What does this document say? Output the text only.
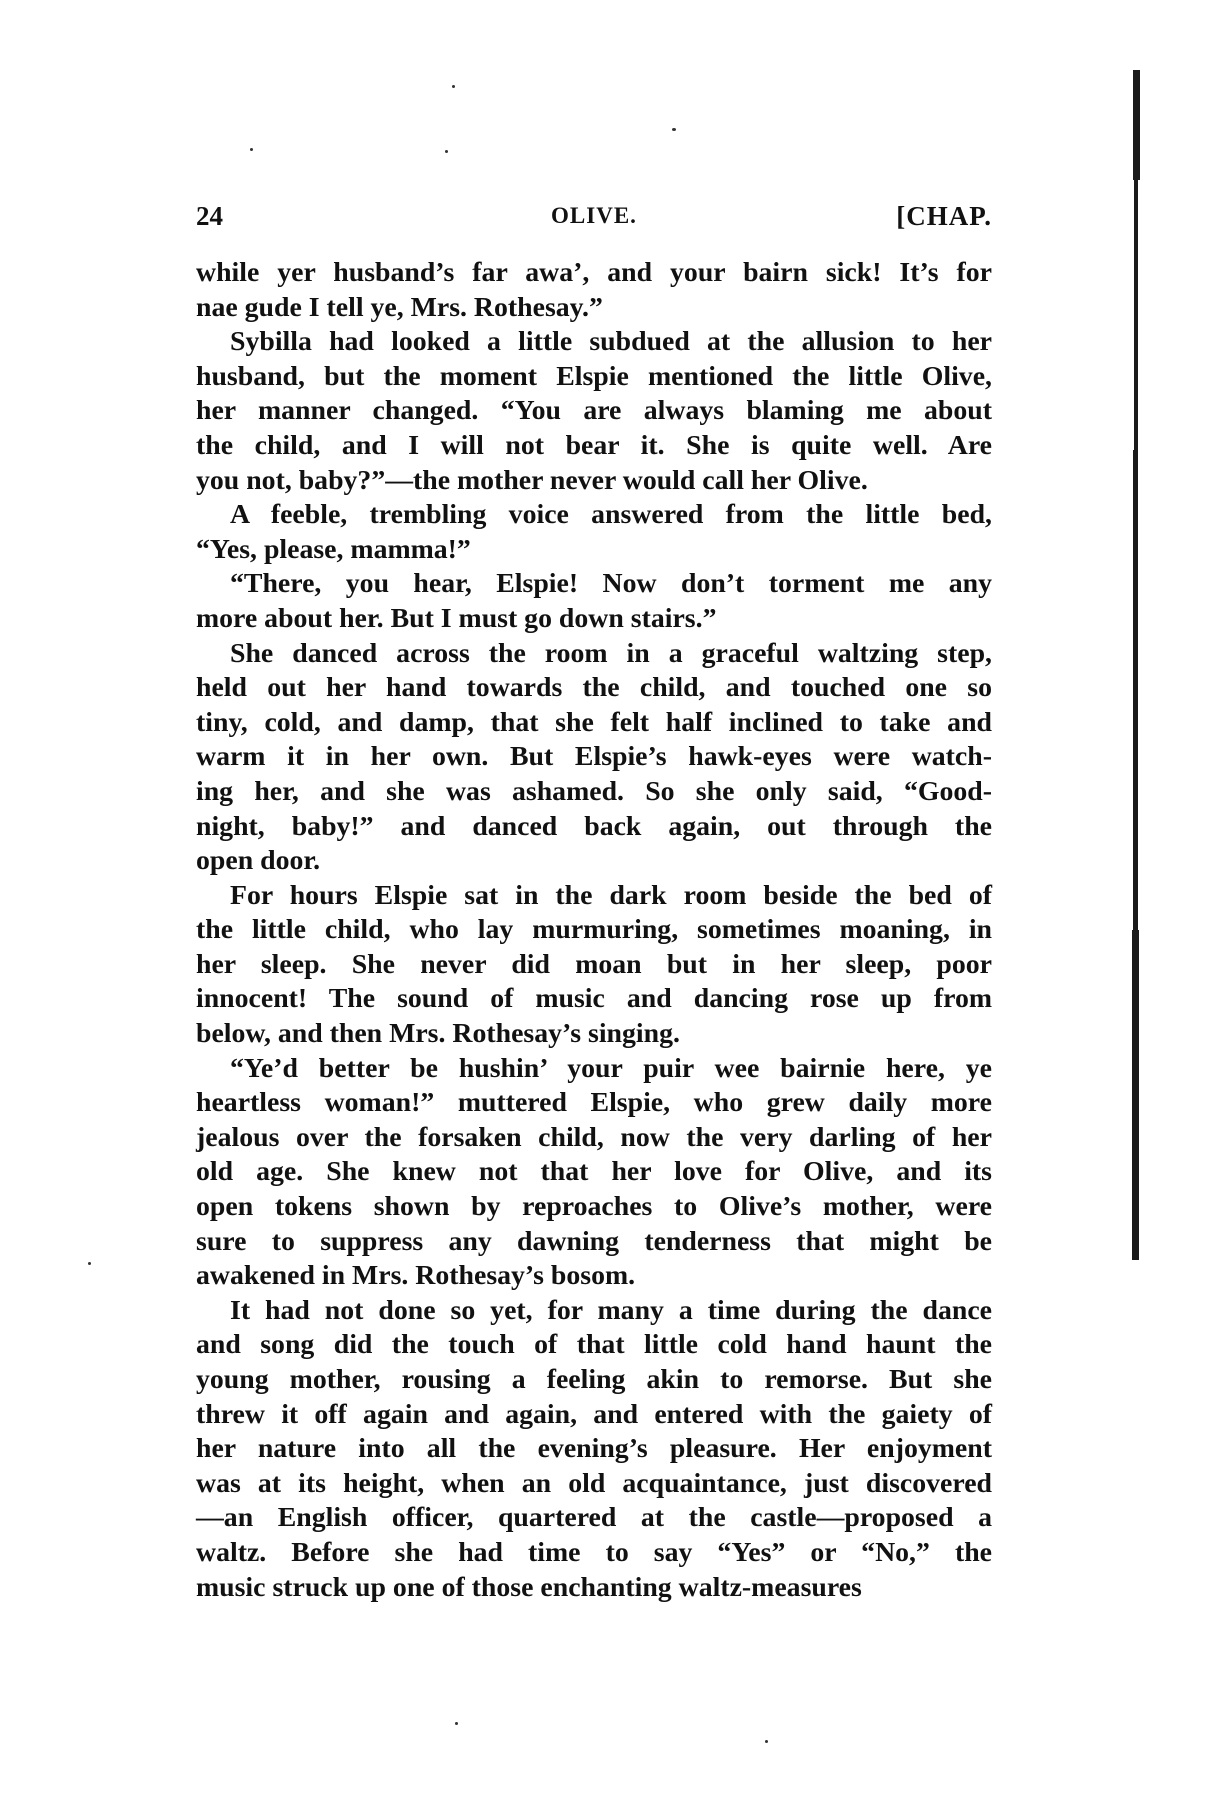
24	OLIVE.	[CHAP.

while yer husband’s far awa’, and your bairn sick! It’s for
nae gude I tell ye, Mrs. Rothesay.”

Sybilla had looked a little subdued at the allusion to her
husband, but the moment Elspie mentioned the little Olive,
her manner changed. “You are always blaming me about
the child, and I will not bear it. She is quite well. Are
you not, baby?”—the mother never would call her Olive.

A feeble, trembling voice answered from the little bed,
“Yes, please, mamma!”

“There, you hear, Elspie! Now don’t torment me any
more about her. But I must go down stairs.”

She danced across the room in a graceful waltzing step,
held out her hand towards the child, and touched one so
tiny, cold, and damp, that she felt half inclined to take and
warm it in her own. But Elspie’s hawk-eyes were watch-
ing her, and she was ashamed. So she only said, “Good-
night, baby!” and danced back again, out through the
open door.

For hours Elspie sat in the dark room beside the bed of
the little child, who lay murmuring, sometimes moaning, in
her sleep. She never did moan but in her sleep, poor
innocent! The sound of music and dancing rose up from
below, and then Mrs. Rothesay’s singing.

“Ye’d better be hushin’ your puir wee bairnie here, ye
heartless woman!” muttered Elspie, who grew daily more
jealous over the forsaken child, now the very darling of her
old age. She knew not that her love for Olive, and its
open tokens shown by reproaches to Olive’s mother, were
sure to suppress any dawning tenderness that might be
awakened in Mrs. Rothesay’s bosom.

It had not done so yet, for many a time during the dance
and song did the touch of that little cold hand haunt the
young mother, rousing a feeling akin to remorse. But she
threw it off again and again, and entered with the gaiety of
her nature into all the evening’s pleasure. Her enjoyment
was at its height, when an old acquaintance, just discovered
—an English officer, quartered at the castle—proposed a
waltz. Before she had time to say “Yes” or “No,” the
music struck up one of those enchanting waltz-measures
